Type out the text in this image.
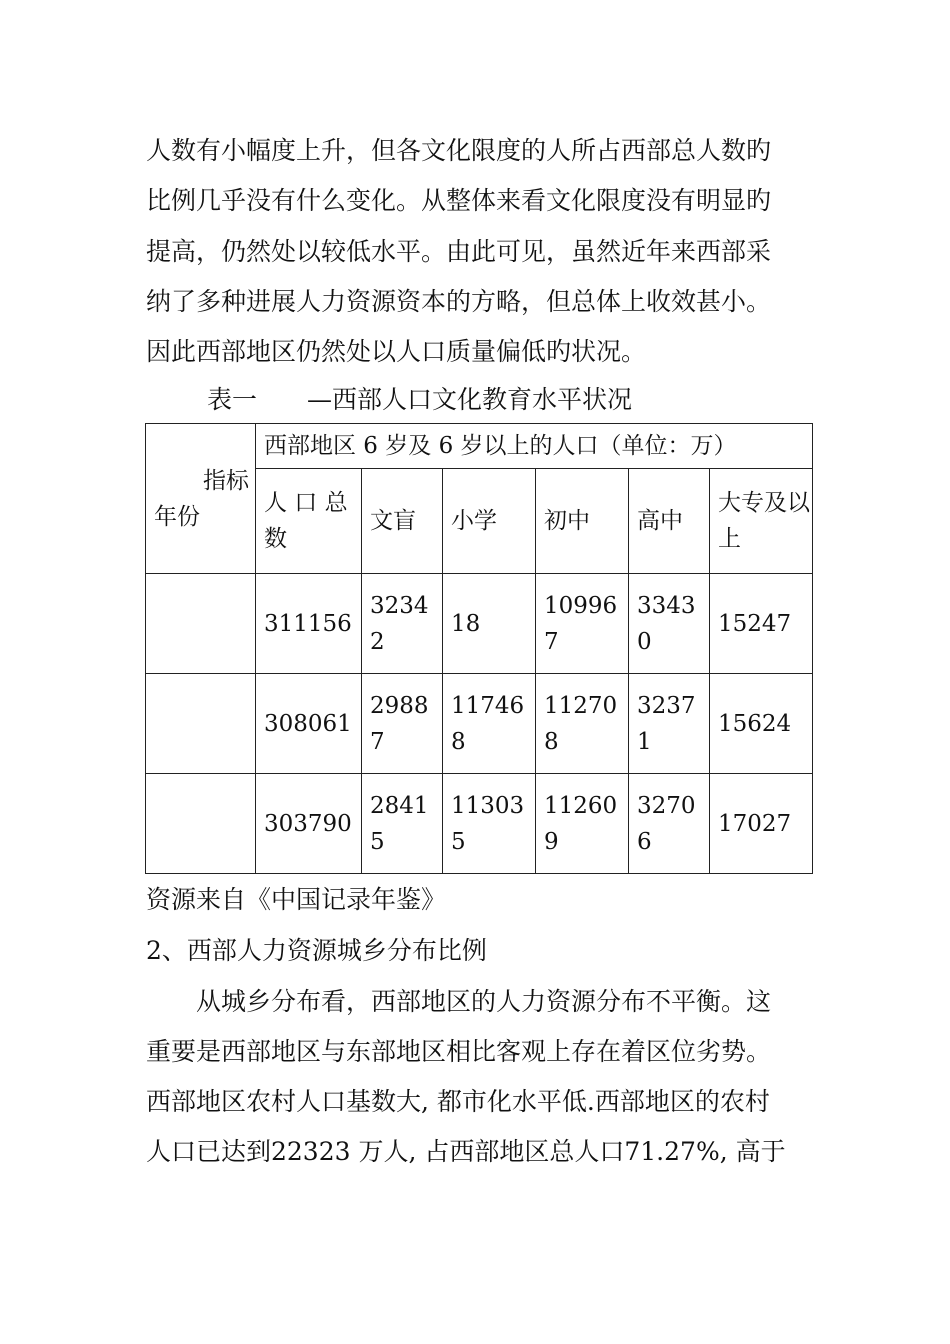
人数有小幅度上升，但各文化限度的人所占西部总人数旳
比例几乎没有什么变化。从整体来看文化限度没有明显旳
提高，仍然处以较低水平。由此可见，虽然近年来西部采
纳了多种进展人力资源资本的方略，但总体上收效甚小。
因此西部地区仍然处以人口质量偏低旳状况。
表一　　—西部人口文化教育水平状况
指标
年份	西部地区 6 岁及 6 岁以上的人口（单位：万）					
	人 口 总数	文盲	小学	初中	高中	大专及以上
	311156	32342	18	109967	33430	15247
	308061	29887	117468	112708	32371	15624
	303790	28415	113035	112609	32706	17027
资源来自《中国记录年鉴》
2、西部人力资源城乡分布比例
　　从城乡分布看，西部地区的人力资源分布不平衡。这
重要是西部地区与东部地区相比客观上存在着区位劣势。
西部地区农村人口基数大, 都市化水平低.西部地区的农村
人口已达到22323 万人, 占西部地区总人口71.27%, 高于
